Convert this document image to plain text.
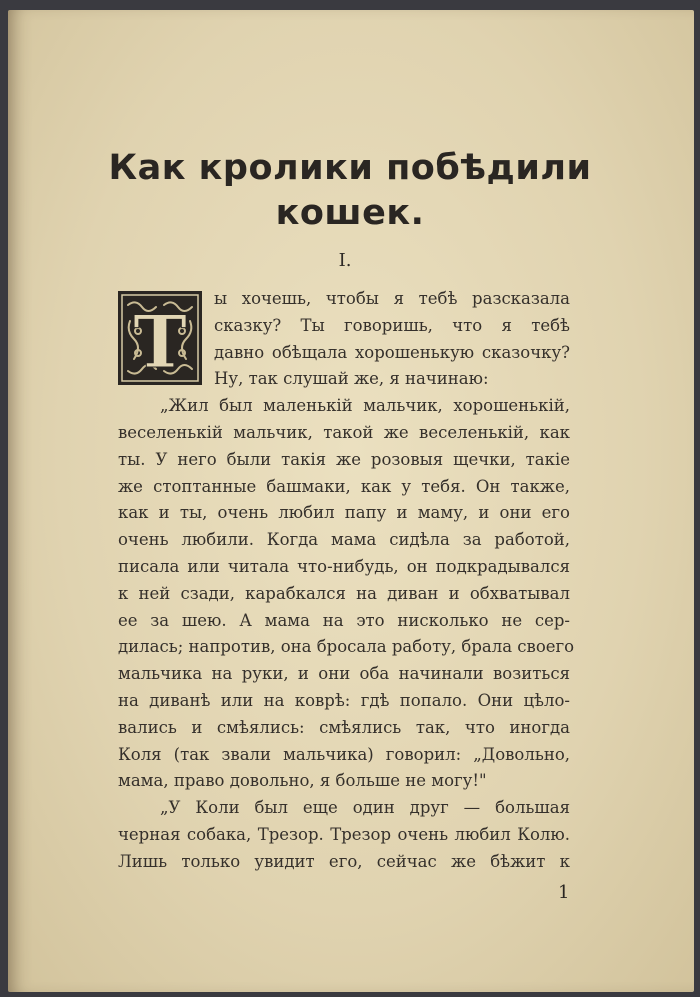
Как кролики побѣдили
кошек.
I.
Т
ы хочешь, чтобы я тебѣ разсказала
сказку? Ты говоришь, что я тебѣ
давно обѣщала хорошенькую сказочку?
Ну, так слушай же, я начинаю:
„Жил был маленькій мальчик, хорошенькій,
веселенькій мальчик, такой же веселенькій, как
ты. У него были такія же розовыя щечки, такіе
же стоптанные башмаки, как у тебя. Он также,
как и ты, очень любил папу и маму, и они его
очень любили. Когда мама сидѣла за работой,
писала или читала что-нибудь, он подкрадывался
к ней сзади, карабкался на диван и обхватывал
ее за шею. А мама на это нисколько не сер-
дилась; напротив, она бросала работу, брала своего
мальчика на руки, и они оба начинали возиться
на диванѣ или на коврѣ: гдѣ попало. Они цѣло-
вались и смѣялись: смѣялись так, что иногда
Коля (так звали мальчика) говорил: „Довольно,
мама, право довольно, я больше не могу!"
„У Коли был еще один друг — большая
черная собака, Трезор. Трезор очень любил Колю.
Лишь только увидит его, сейчас же бѣжит к
1
